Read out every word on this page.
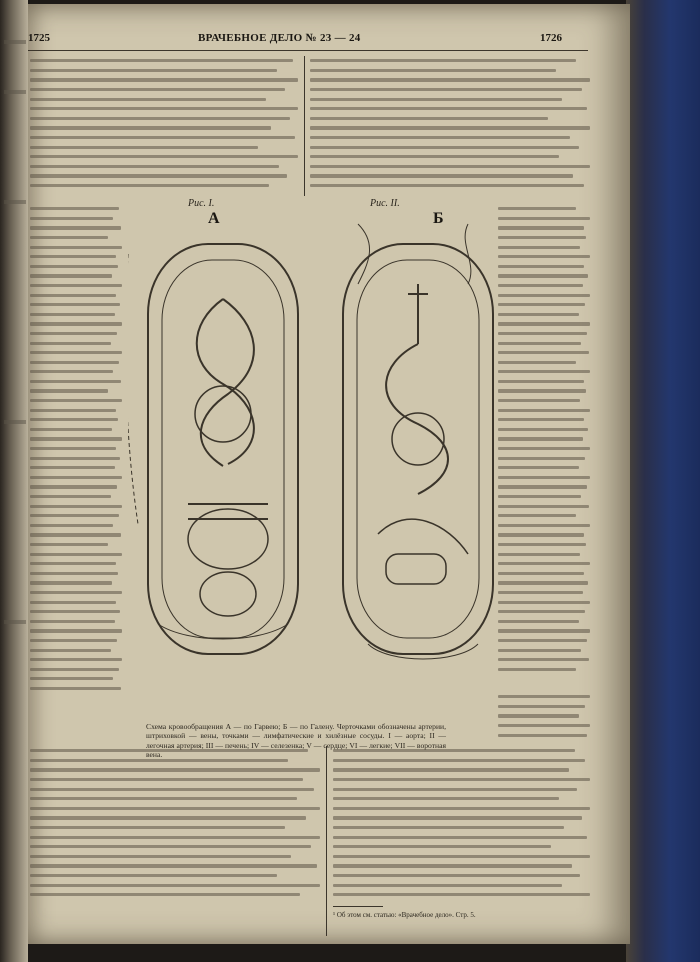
1725	ВРАЧЕБНОЕ ДЕЛО № 23 — 24	1726
Рис. I.	Рис. II.
А	Б
Схема кровообращения А — по Гарвею; Б — по Галену. Черточками обозначены артерии, штриховкой — вены, точками — лимфатические и хилёзные сосуды. I — аорта; II — легочная артерия; III — печень; IV — селезенка; V — сердце; VI — легкие; VII — воротная вена.
¹ Об этом см. статью: «Врачебное дело». Стр. 5.
